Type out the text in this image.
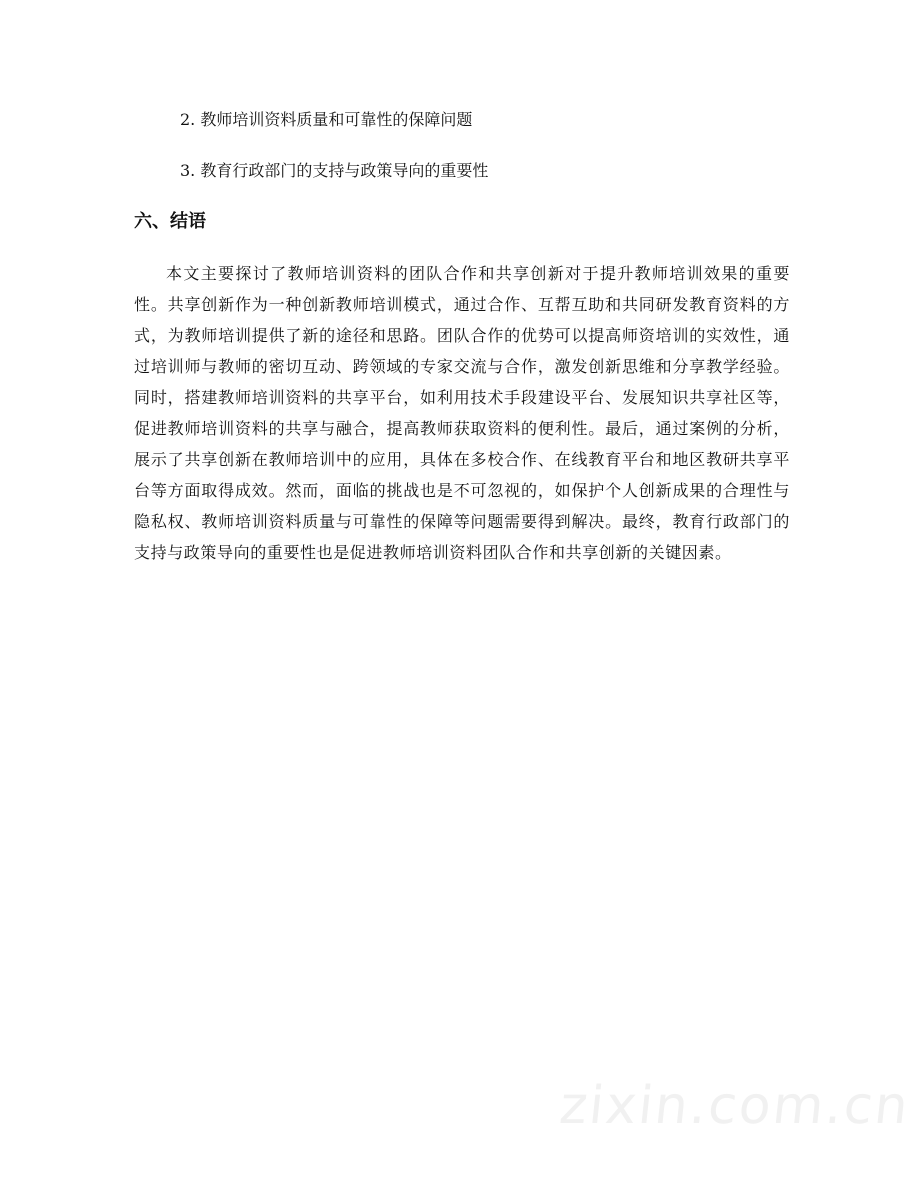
2. 教师培训资料质量和可靠性的保障问题
3. 教育行政部门的支持与政策导向的重要性
六、结语
本文主要探讨了教师培训资料的团队合作和共享创新对于提升教师培训效果的重要性。共享创新作为一种创新教师培训模式，通过合作、互帮互助和共同研发教育资料的方式，为教师培训提供了新的途径和思路。团队合作的优势可以提高师资培训的实效性，通过培训师与教师的密切互动、跨领域的专家交流与合作，激发创新思维和分享教学经验。同时，搭建教师培训资料的共享平台，如利用技术手段建设平台、发展知识共享社区等，促进教师培训资料的共享与融合，提高教师获取资料的便利性。最后，通过案例的分析，展示了共享创新在教师培训中的应用，具体在多校合作、在线教育平台和地区教研共享平台等方面取得成效。然而，面临的挑战也是不可忽视的，如保护个人创新成果的合理性与隐私权、教师培训资料质量与可靠性的保障等问题需要得到解决。最终，教育行政部门的支持与政策导向的重要性也是促进教师培训资料团队合作和共享创新的关键因素。
zixin.com.cn
